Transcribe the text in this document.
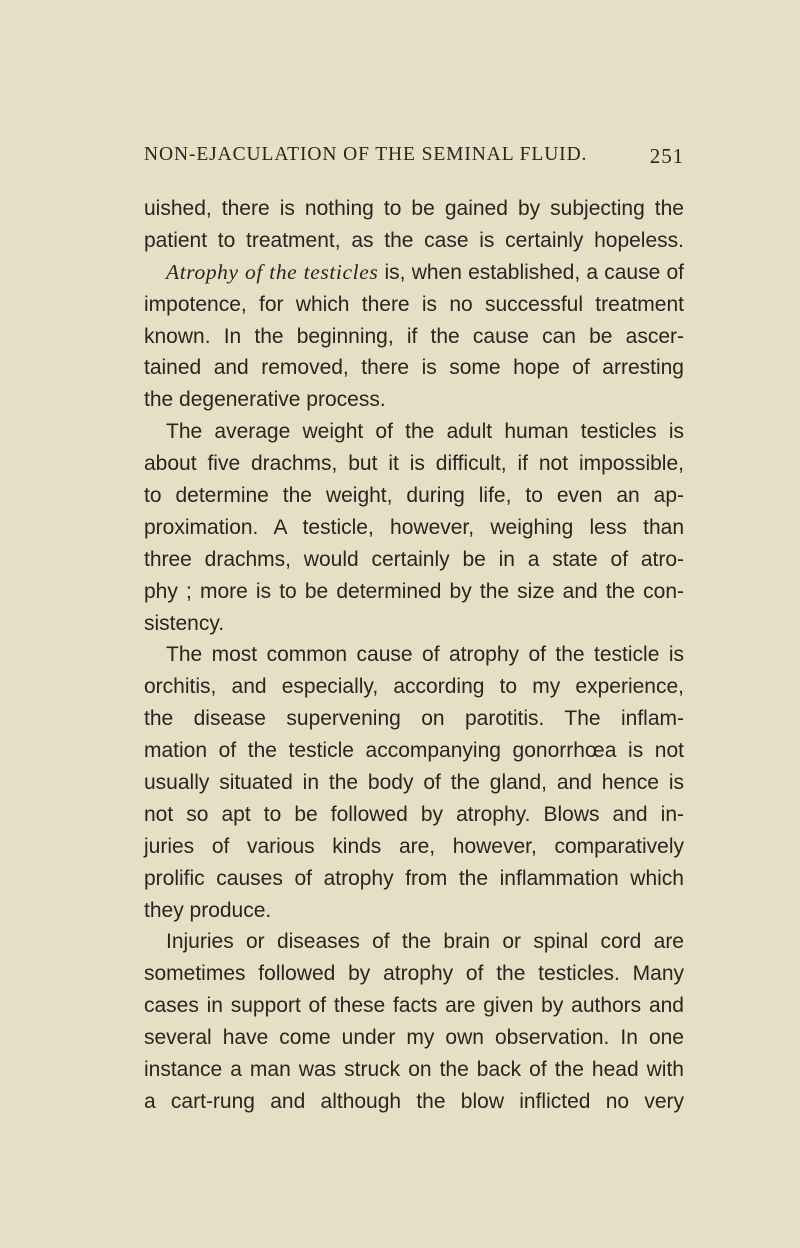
NON-EJACULATION OF THE SEMINAL FLUID.	251
uished, there is nothing to be gained by subjecting the
patient to treatment, as the case is certainly hopeless.
Atrophy of the testicles is, when established, a cause of
impotence, for which there is no successful treatment
known. In the beginning, if the cause can be ascer-
tained and removed, there is some hope of arresting
the degenerative process.
The average weight of the adult human testicles is
about five drachms, but it is difficult, if not impossible,
to determine the weight, during life, to even an ap-
proximation. A testicle, however, weighing less than
three drachms, would certainly be in a state of atro-
phy ; more is to be determined by the size and the con-
sistency.
The most common cause of atrophy of the testicle is
orchitis, and especially, according to my experience,
the disease supervening on parotitis. The inflam-
mation of the testicle accompanying gonorrhœa is not
usually situated in the body of the gland, and hence is
not so apt to be followed by atrophy. Blows and in-
juries of various kinds are, however, comparatively
prolific causes of atrophy from the inflammation which
they produce.
Injuries or diseases of the brain or spinal cord are
sometimes followed by atrophy of the testicles. Many
cases in support of these facts are given by authors and
several have come under my own observation. In one
instance a man was struck on the back of the head with
a cart-rung and although the blow inflicted no very
